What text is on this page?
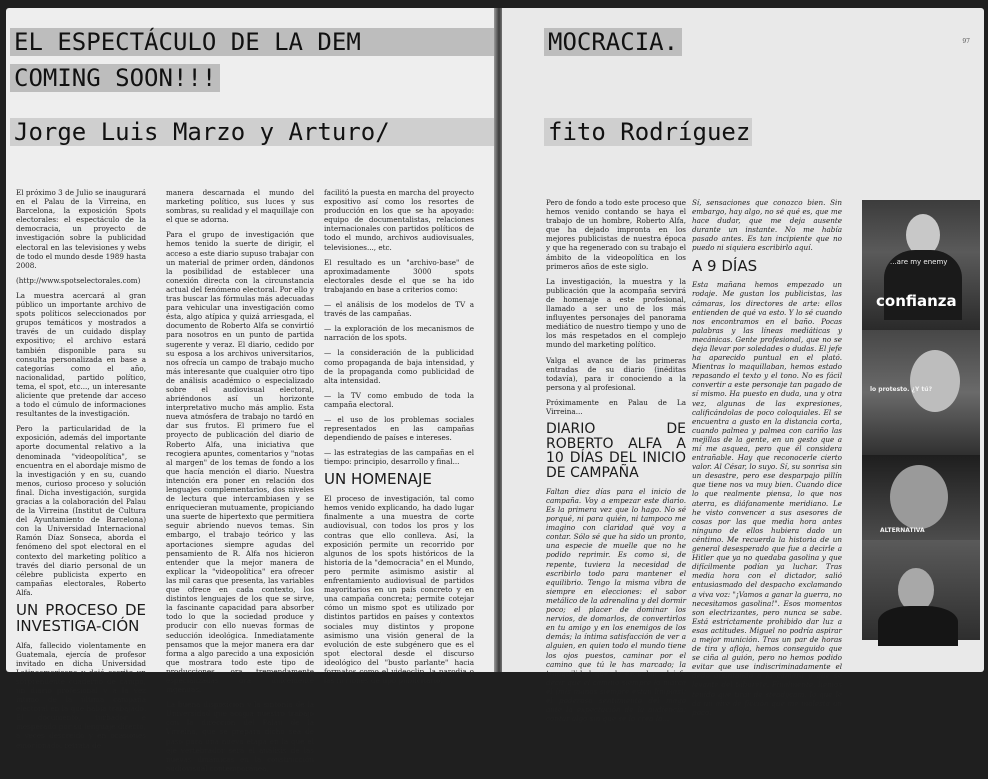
EL ESPECTÁCULO DE LA DEM
COMING SOON!!!
Jorge Luis Marzo y Arturo/

El próximo 3 de Julio se inaugurará en el Palau de la Virreina, en Barcelona, la exposición Spots electorales: el espectáculo de la democracia, un proyecto de investigación sobre la publicidad electoral en las televisiones y webs de todo el mundo desde 1989 hasta 2008.

(http://www.spotselectorales.com)

La muestra acercará al gran público un importante archivo de spots políticos seleccionados por grupos temáticos y mostrados a través de un cuidado display expositivo; el archivo estará también disponible para su consulta personalizada en base a categorías como el año, nacionalidad, partido político, tema, el spot, etc..., un interesante aliciente que pretende dar acceso a todo el cúmulo de informaciones resultantes de la investigación.

Pero la particularidad de la exposición, además del importante aporte documental relativo a la denominada "videopolítica", se encuentra en el abordaje mismo de la investigación y en su, cuando menos, curioso proceso y solución final. Dicha investigación, surgida gracias a la colaboración del Palau de la Virreina (Institut de Cultura del Ayuntamiento de Barcelona) con la Universidad Internacional Ramón Díaz Sonseca, aborda el fenómeno del spot electoral en el contexto del marketing político a través del diario personal de un célebre publicista experto en campañas electorales, Roberto Alfa.

UN PROCESO DE INVESTIGA-CIÓN

Alfa, fallecido violentamente en Guatemala, ejercía de profesor invitado en dicha Universidad Latinoamericana y dejó escrito un sorprendente cuaderno de campo, un diario profesional y a la vez íntimo de la última campaña electoral en la que había trabajado. El documento, turbador e inesperado por su lenguaje directo, a veces descreído y en ocasiones emocionado, retrata de

manera descarnada el mundo del marketing político, sus luces y sus sombras, su realidad y el maquillaje con el que se adorna.

Para el grupo de investigación que hemos tenido la suerte de dirigir, el acceso a este diario supuso trabajar con un material de primer orden, dándonos la posibilidad de establecer una conexión directa con la circunstancia actual del fenómeno electoral. Por ello y tras buscar las fórmulas más adecuadas para vehicular una investigación como ésta, algo atípica y quizá arriesgada, el documento de Roberto Alfa se convirtió para nosotros en un punto de partida sugerente y veraz. El diario, cedido por su esposa a los archivos universitarios, nos ofrecía un campo de trabajo mucho más interesante que cualquier otro tipo de análisis académico o especializado sobre el audiovisual electoral, abriéndonos así un horizonte interpretativo mucho más amplio. Esta nueva atmósfera de trabajo no tardó en dar sus frutos. El primero fue el proyecto de publicación del diario de Roberto Alfa, una iniciativa que recogiera apuntes, comentarios y "notas al margen" de los temas de fondo a los que hacía mención el diario. Nuestra intención era poner en relación dos lenguajes complementarios, dos niveles de lectura que intercambiasen y se enriquecieran mutuamente, propiciando una suerte de hipertexto que permitiera seguir abriendo nuevos temas. Sin embargo, el trabajo teórico y las aportaciones siempre agudas del pensamiento de R. Alfa nos hicieron entender que la mejor manera de explicar la "videopolítica" era ofrecer las mil caras que presenta, las variables que ofrece en cada contexto, los distintos lenguajes de los que se sirve, la fascinante capacidad para absorber todo lo que la sociedad produce y producir con ello nuevas formas de seducción ideológica. Inmediatamente pensamos que la mejor manera era dar forma a algo parecido a una exposición que mostrara todo este tipo de producciones, ora tremendamente especializadas ora dulcemente ingenuas.

La buena disposición y la sintonía de la Universidad que acogía nuestro trabajo con la dirección del Palau de la Virreina, que se prepara dicho sea de paso para una nueva etapa en la que el eje vertebrador será el análisis de las nuevas dinámicas en la construcción audiovisual contemporánea,

facilitó la puesta en marcha del proyecto expositivo así como los resortes de producción en los que se ha apoyado: equipo de documentalistas, relaciones internacionales con partidos políticos de todo el mundo, archivos audiovisuales, televisiones..., etc.

El resultado es un "archivo-base" de aproximadamente 3000 spots electorales desde el que se ha ido trabajando en base a criterios como:

— el análisis de los modelos de TV a través de las campañas.

— la exploración de los mecanismos de narración de los spots.

— la consideración de la publicidad como propaganda de baja intensidad, y de la propaganda como publicidad de alta intensidad.

— la TV como embudo de toda la campaña electoral.

— el uso de los problemas sociales representados en las campañas dependiendo de países e intereses.

— las estrategias de las campañas en el tiempo: principio, desarrollo y final...

UN HOMENAJE

El proceso de investigación, tal como hemos venido explicando, ha dado lugar finalmente a una muestra de corte audiovisual, con todos los pros y los contras que ello conlleva. Así, la exposición permite un recorrido por algunos de los spots históricos de la historia de la "democracia" en el Mundo, pero permite asimismo asistir al enfrentamiento audiovisual de partidos mayoritarios en un país concreto y en una campaña concreta; permite cotejar cómo un mismo spot es utilizado por distintos partidos en países y contextos sociales muy distintos y propone asimismo una visión general de la evolución de este subgénero que es el spot electoral desde el discurso ideológico del "busto parlante" hacia formatos como el videoclip, la parodia o las ficciones de tipo publicitario.

97
MOCRACIA.
fito Rodríguez

Pero de fondo a todo este proceso que hemos venido contando se haya el trabajo de un hombre, Roberto Alfa, que ha dejado impronta en los mejores publicistas de nuestra época y que ha regenerado con su trabajo el ámbito de la videopolítica en los primeros años de este siglo.

La investigación, la muestra y la publicación que la acompaña servirá de homenaje a este profesional, llamado a ser uno de los más influyentes personajes del panorama mediático de nuestro tiempo y uno de los más respetados en el complejo mundo del marketing político.

Valga el avance de las primeras entradas de su diario (inéditas todavía), para ir conociendo a la persona y al profesional.

Próximamente en Palau de La Virreina...

DIARIO DE ROBERTO ALFA A 10 DÍAS DEL INICIO DE CAMPAÑA

Faltan diez días para el inicio de campaña. Voy a empezar este diario. Es la primera vez que lo hago. No sé porqué, ni para quién, ni tampoco me imagino con claridad qué voy a contar. Sólo sé que ha sido un pronto, una especie de muelle que no he podido reprimir. Es como si, de repente, tuviera la necesidad de escribirlo todo para mantener el equilibrio. Tengo la misma vibra de siempre en elecciones: el sabor metálico de la adrenalina y del dormir poco; el placer de dominar los nervios, de domarlos, de convertirlos en tu amigo y en los enemigos de los demás; la íntima satisfacción de ver a alguien, en quien todo el mundo tiene los ojos puestos, caminar por el camino que tú le has marcado; la tranquilidad que da escuchar al jefe decir que el camino siempre lo marca él (mis manos siempre están limpias); el poderoso sentimiento del mago ante la expectación de la audiencia; contar algo sin que se lo crea la...

Sí, sensaciones que conozco bien. Sin embargo, hay algo, no sé qué es, que me hace dudar, que me deja ausente durante un instante. No me había pasado antes. Es tan incipiente que no puedo ni siquiera escribirlo aquí.

A 9 DÍAS

Esta mañana hemos empezado un rodaje. Me gustan los publicistas, las cámaras, los directores de arte: ellos entienden de qué va esto. Y lo sé cuando nos encontramos en el baño. Pocas palabras y las líneas mediáticas y mecánicas. Gente profesional, que no se deja llevar por soledades o dudas. El jefe ha aparecido puntual en el plató. Mientras lo maquillaban, hemos estado repasando el texto y el tono. No es fácil convertir a este personaje tan pagado de sí mismo. Ha puesto en duda, una y otra vez, algunas de las expresiones, calificándolas de poco coloquiales. El se encuentra a gusto en la distancia corta, cuando palmea y palmea con cariño las mejillas de la gente, en un gesto que a mí me asquea, pero que él considera entrañable. Hay que reconocerle cierto valor. Al César, lo suyo. Sí, su sonrisa sin un desastre, pero ese desparpajo pillín que tiene nos va muy bien. Cuando dice lo que realmente piensa, lo que nos aterra, es diáfanamente meridiano. Le he visto convencer a sus asesores de cosas por las que media hora antes ninguno de ellos hubiera dado un céntimo. Me recuerda la historia de un general desesperado que fue a decirle a Hitler que ya no quedaba gasolina y que difícilmente podían ya luchar. Tras media hora con el dictador, salió entusiasmado del despacho exclamando a viva voz: "¡Vamos a ganar la guerra, no necesitamos gasolina!". Esos momentos son electrizantes, pero nunca se sabe. Está estrictamente prohibido dar luz a esas actitudes. Miguel no podría aspirar a mejor munición. Tras un par de horas de tira y afloja, hemos conseguido que se ciña al guión, pero no hemos podido evitar que use indiscriminadamente el dedo apuntando a la cámara y que se levante del taburete. Finalmente, hemos tenido que tirar de steadycam, lo que le da un aire de ficción que me molesta un poco.

...are my enemy
confianza
lo protesto. ¿Y tú?
ALTERNATIVA
